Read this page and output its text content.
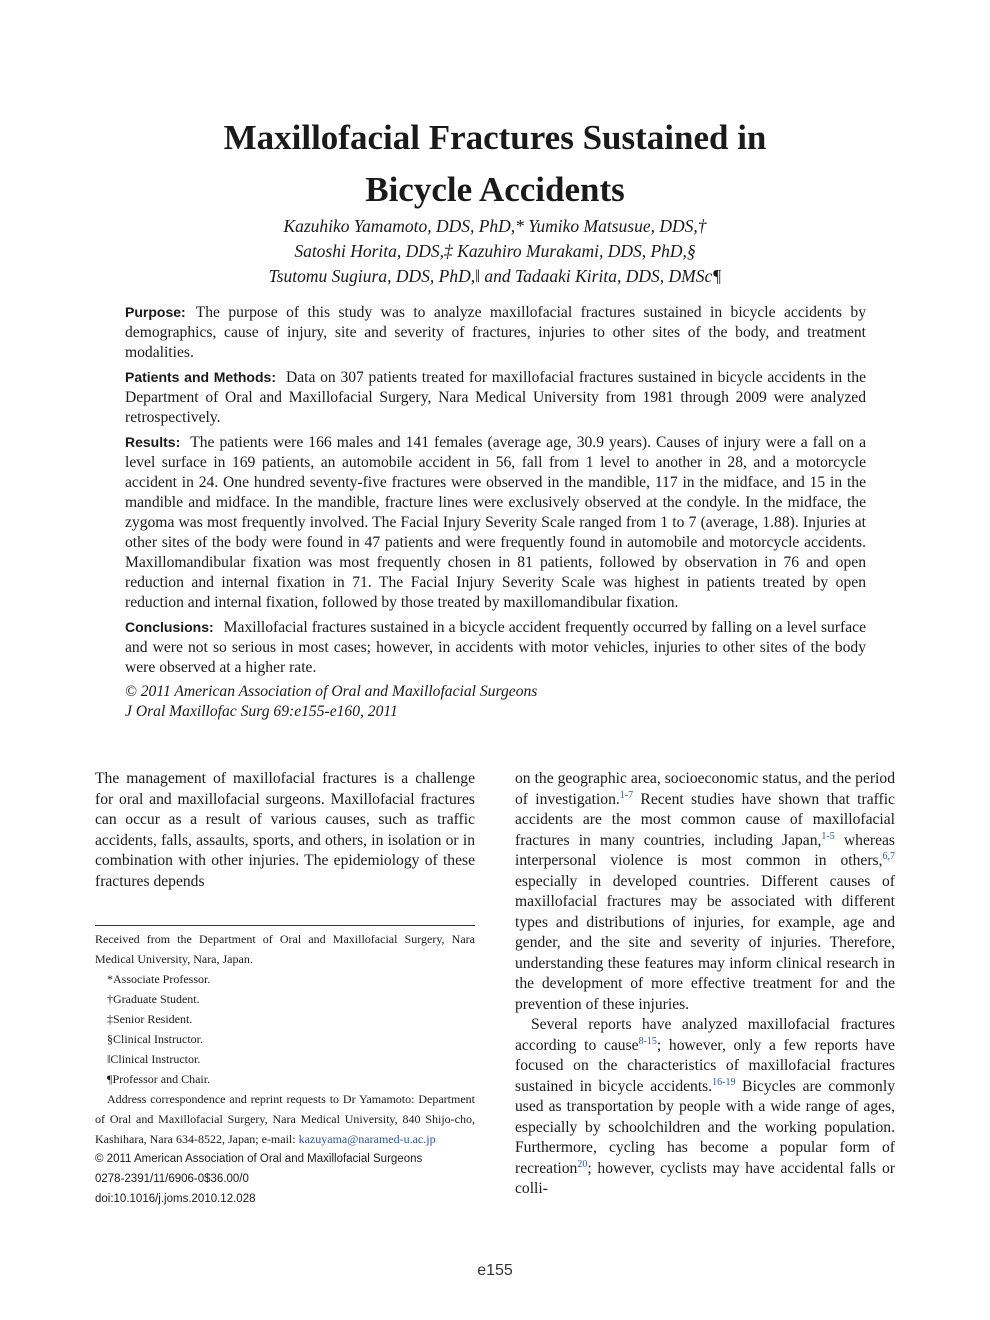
Maxillofacial Fractures Sustained in
Bicycle Accidents
Kazuhiko Yamamoto, DDS, PhD,* Yumiko Matsusue, DDS,†
Satoshi Horita, DDS,‡ Kazuhiro Murakami, DDS, PhD,§
Tsutomu Sugiura, DDS, PhD,‖ and Tadaaki Kirita, DDS, DMSc¶

Purpose: The purpose of this study was to analyze maxillofacial fractures sustained in bicycle accidents by demographics, cause of injury, site and severity of fractures, injuries to other sites of the body, and treatment modalities.

Patients and Methods: Data on 307 patients treated for maxillofacial fractures sustained in bicycle accidents in the Department of Oral and Maxillofacial Surgery, Nara Medical University from 1981 through 2009 were analyzed retrospectively.

Results: The patients were 166 males and 141 females (average age, 30.9 years). Causes of injury were a fall on a level surface in 169 patients, an automobile accident in 56, fall from 1 level to another in 28, and a motorcycle accident in 24. One hundred seventy-five fractures were observed in the mandible, 117 in the midface, and 15 in the mandible and midface. In the mandible, fracture lines were exclusively observed at the condyle. In the midface, the zygoma was most frequently involved. The Facial Injury Severity Scale ranged from 1 to 7 (average, 1.88). Injuries at other sites of the body were found in 47 patients and were frequently found in automobile and motorcycle accidents. Maxillomandibular fixation was most frequently chosen in 81 patients, followed by observation in 76 and open reduction and internal fixation in 71. The Facial Injury Severity Scale was highest in patients treated by open reduction and internal fixation, followed by those treated by maxillomandibular fixation.

Conclusions: Maxillofacial fractures sustained in a bicycle accident frequently occurred by falling on a level surface and were not so serious in most cases; however, in accidents with motor vehicles, injuries to other sites of the body were observed at a higher rate.

© 2011 American Association of Oral and Maxillofacial Surgeons

J Oral Maxillofac Surg 69:e155-e160, 2011

The management of maxillofacial fractures is a challenge for oral and maxillofacial surgeons. Maxillofacial fractures can occur as a result of various causes, such as traffic accidents, falls, assaults, sports, and others, in isolation or in combination with other injuries. The epidemiology of these fractures depends

Received from the Department of Oral and Maxillofacial Surgery, Nara Medical University, Nara, Japan.

*Associate Professor.

†Graduate Student.

‡Senior Resident.

§Clinical Instructor.

‖Clinical Instructor.

¶Professor and Chair.

Address correspondence and reprint requests to Dr Yamamoto: Department of Oral and Maxillofacial Surgery, Nara Medical University, 840 Shijo-cho, Kashihara, Nara 634-8522, Japan; e-mail: kazuyama@naramed-u.ac.jp

© 2011 American Association of Oral and Maxillofacial Surgeons

0278-2391/11/6906-0$36.00/0

doi:10.1016/j.joms.2010.12.028

on the geographic area, socioeconomic status, and the period of investigation.$^{1-7}$ Recent studies have shown that traffic accidents are the most common cause of maxillofacial fractures in many countries, including Japan,$^{1-5}$ whereas interpersonal violence is most common in others,$^{6,7}$ especially in developed countries. Different causes of maxillofacial fractures may be associated with different types and distributions of injuries, for example, age and gender, and the site and severity of injuries. Therefore, understanding these features may inform clinical research in the development of more effective treatment for and the prevention of these injuries.

Several reports have analyzed maxillofacial fractures according to cause$^{8-15}$; however, only a few reports have focused on the characteristics of maxillofacial fractures sustained in bicycle accidents.$^{16-19}$ Bicycles are commonly used as transportation by people with a wide range of ages, especially by schoolchildren and the working population. Furthermore, cycling has become a popular form of recreation$^{20}$; however, cyclists may have accidental falls or colli-

e155
